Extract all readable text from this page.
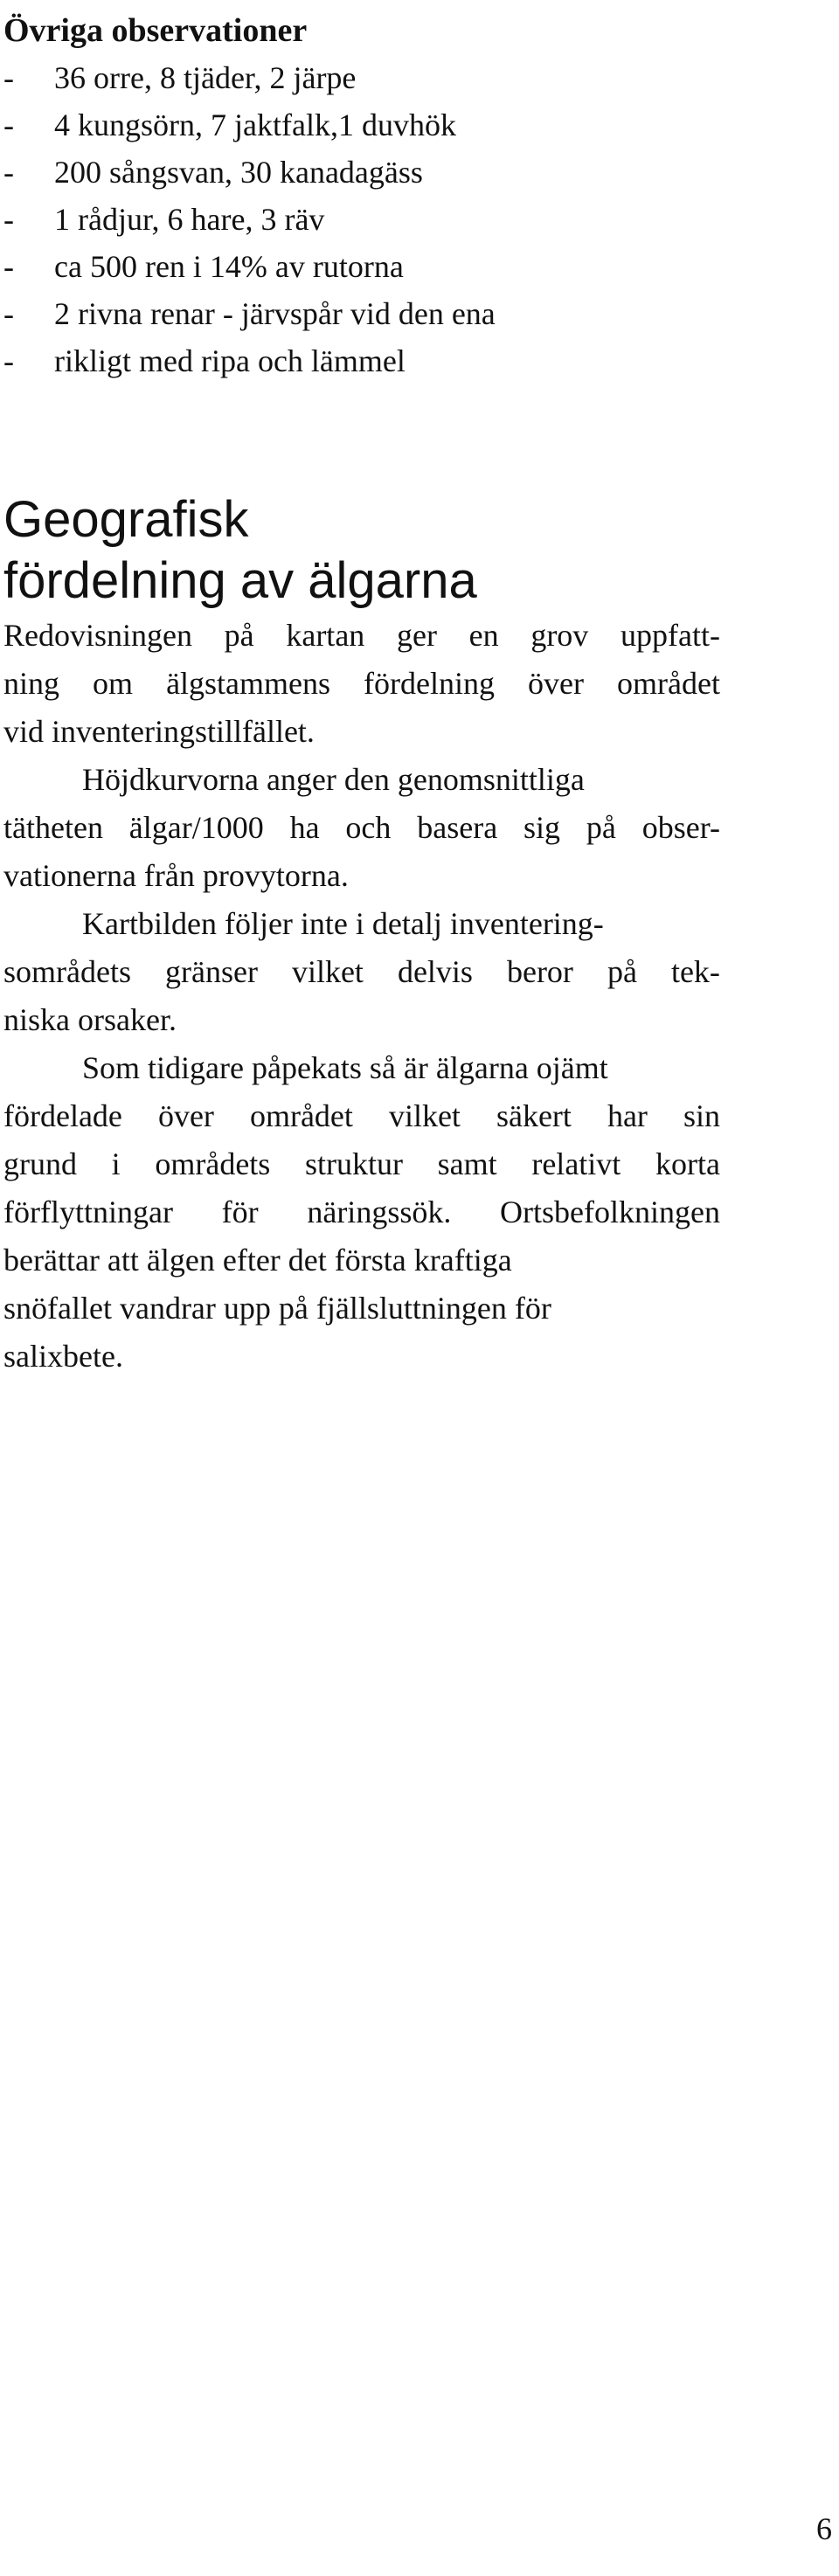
Övriga observationer
- 36 orre, 8 tjäder, 2 järpe
- 4 kungsörn, 7 jaktfalk,1 duvhök
- 200 sångsvan, 30 kanadagäss
- 1 rådjur, 6 hare, 3 räv
- ca 500 ren i 14% av rutorna
- 2 rivna renar - järvspår vid den ena
- rikligt med ripa och lämmel
Geografisk
fördelning av älgarna
Redovisningen på kartan ger en grov uppfatt-
ning om älgstammens fördelning över området
vid inventeringstillfället.
Höjdkurvorna anger den genomsnittliga
tätheten älgar/1000 ha och basera sig på obser-
vationerna från provytorna.
Kartbilden följer inte i detalj inventering-
sområdets gränser vilket delvis beror på tek-
niska orsaker.
Som tidigare påpekats så är älgarna ojämt
fördelade över området vilket säkert har sin
grund i områdets struktur samt relativt korta
förflyttningar för näringssök. Ortsbefolkningen
berättar att älgen efter det första kraftiga
snöfallet vandrar upp på fjällsluttningen för
salixbete.
6
